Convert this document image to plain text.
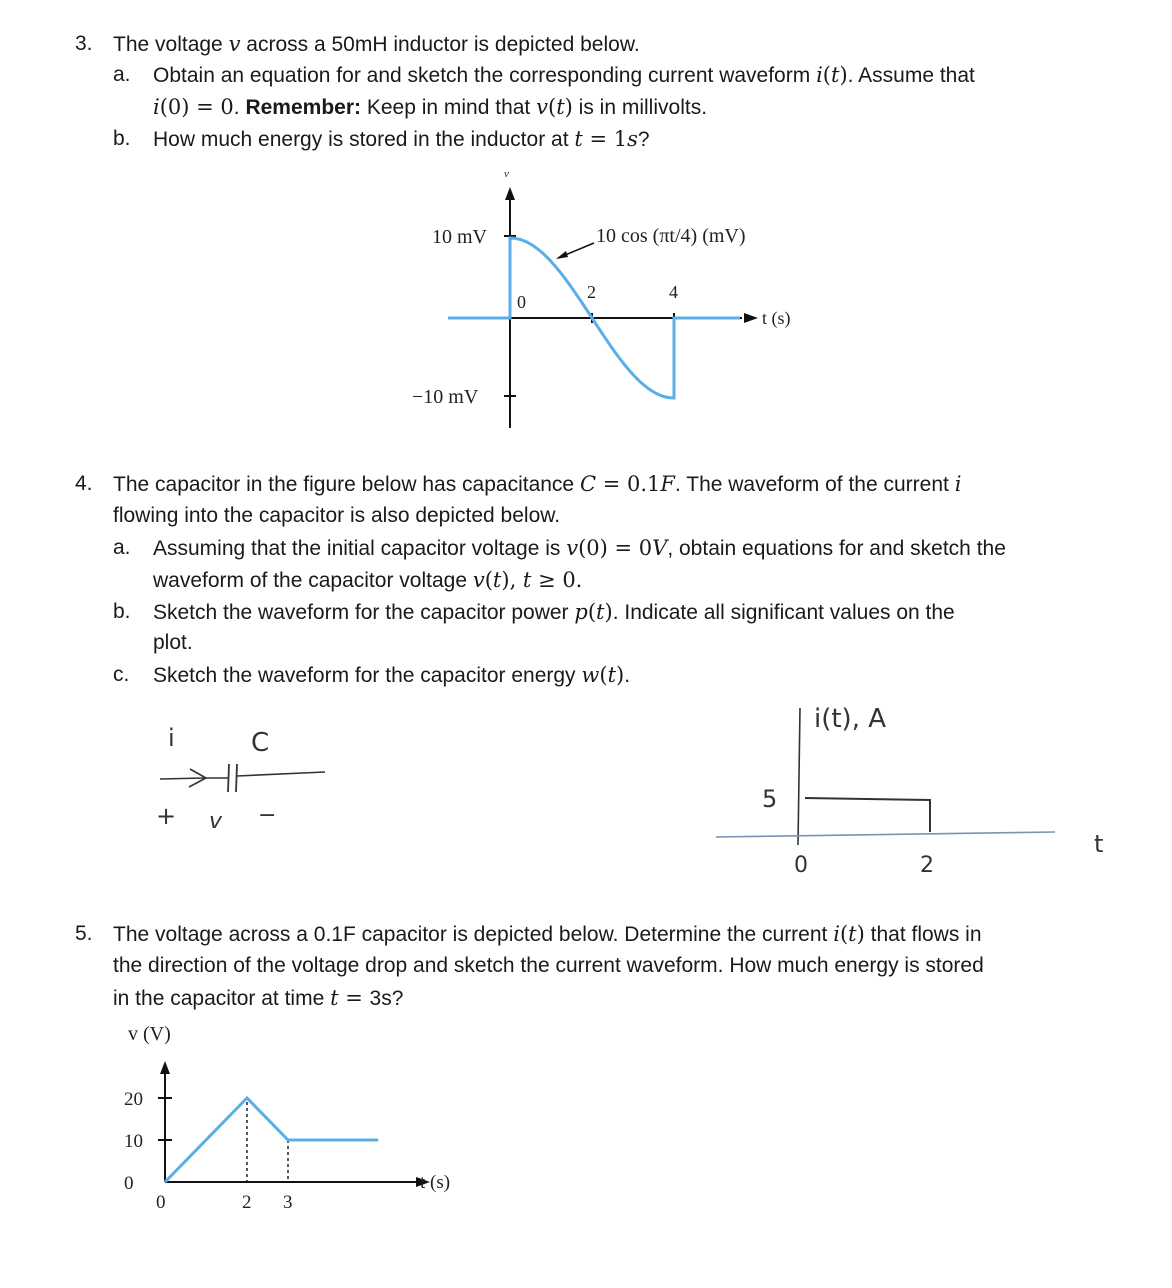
3. The voltage v across a 50mH inductor is depicted below.
a. Obtain an equation for and sketch the corresponding current waveform i(t). Assume that
i(0) = 0. Remember: Keep in mind that v(t) is in millivolts.
b. How much energy is stored in the inductor at t = 1s?
v
10 mV
−10 mV
0	2	4
t (s)
10 cos (πt/4) (mV)
4. The capacitor in the figure below has capacitance C = 0.1F. The waveform of the current i
flowing into the capacitor is also depicted below.
a. Assuming that the initial capacitor voltage is v(0) = 0V, obtain equations for and sketch the
waveform of the capacitor voltage v(t), t ≥ 0.
b. Sketch the waveform for the capacitor power p(t). Indicate all significant values on the
plot.
c. Sketch the waveform for the capacitor energy w(t).
i	C
+ v −
i(t), A
5
0	2
t
5. The voltage across a 0.1F capacitor is depicted below. Determine the current i(t) that flows in
the direction of the voltage drop and sketch the current waveform. How much energy is stored
in the capacitor at time t = 3s?
v (V)
t (s)
20
10
0
0	2 3
